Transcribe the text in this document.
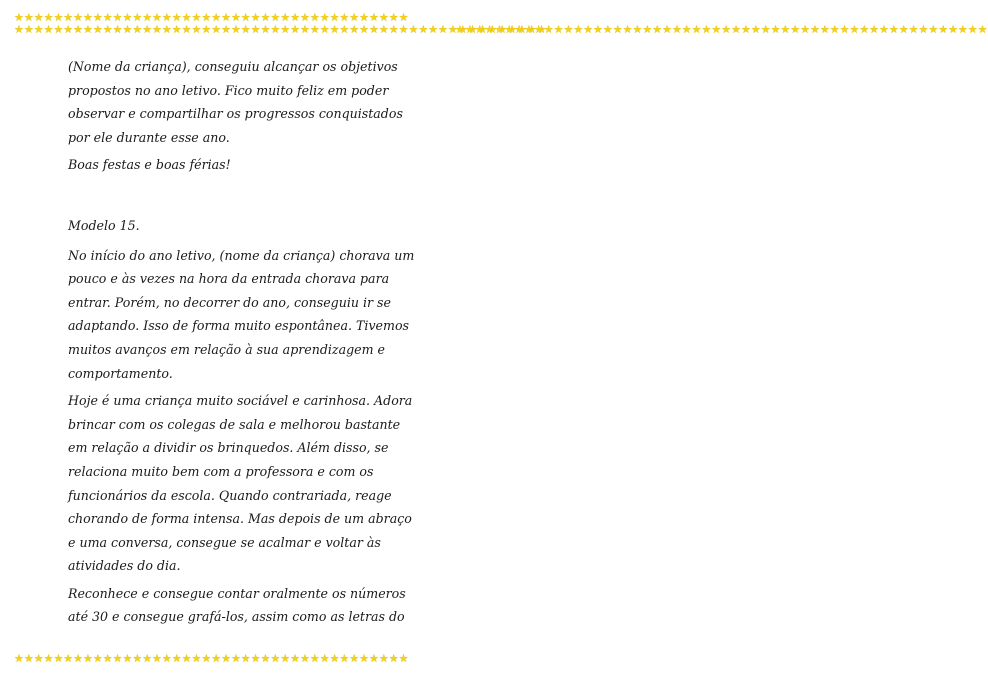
★★★★★★★★★★★★★★★★★★★★★★★★★★★★★★★★★★★★★★★★
★★★★★★★★★★★★★★★★★★★★★★★★★★★★★★★★★★★★★★★★
★★★★★★★★★★★★★★★★★★★★★★★★★★★★★★★★★★★★★★★★★★★★★★★★★★★★★★
★★★★★★★★★★★★★★★★★★★★★★★★★★★★★★★★★★★★★★★★★★★★★★★★★★★★★★

(Nome da criança), conseguiu alcançar os objetivos propostos no ano letivo. Fico muito feliz em poder observar e compartilhar os progressos conquistados por ele durante esse ano.

Boas festas e boas férias!

Modelo 15.

No início do ano letivo, (nome da criança) chorava um pouco e às vezes na hora da entrada chorava para entrar. Porém, no decorrer do ano, conseguiu ir se adaptando. Isso de forma muito espontânea. Tivemos muitos avanços em relação à sua aprendizagem e comportamento.

Hoje é uma criança muito sociável e carinhosa. Adora brincar com os colegas de sala e melhorou bastante em relação a dividir os brinquedos. Além disso, se relaciona muito bem com a professora e com os funcionários da escola. Quando contrariada, reage chorando de forma intensa. Mas depois de um abraço e uma conversa, consegue se acalmar e voltar às atividades do dia.

Reconhece e consegue contar oralmente os números até 30 e consegue grafá-los, assim como as letras do
